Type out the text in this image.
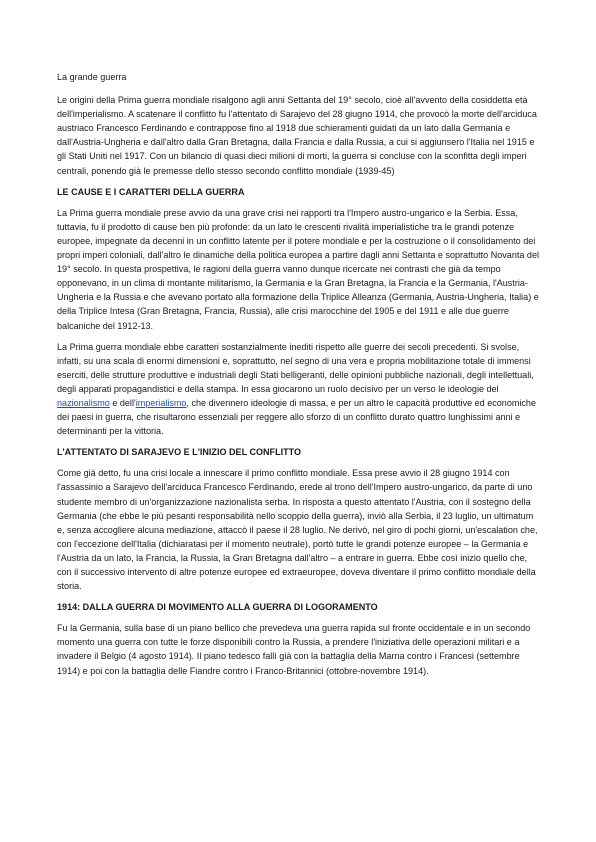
La grande guerra

Le origini della Prima guerra mondiale risalgono agli anni Settanta del 19° secolo, cioè all'avvento della cosiddetta età dell'imperialismo. A scatenare il conflitto fu l'attentato di Sarajevo del 28 giugno 1914, che provocò la morte dell'arciduca austriaco Francesco Ferdinando e contrappose fino al 1918 due schieramenti guidati da un lato dalla Germania e dall'Austria-Ungheria e dall'altro dalla Gran Bretagna, dalla Francia e dalla Russia, a cui si aggiunsero l'Italia nel 1915 e gli Stati Uniti nel 1917. Con un bilancio di quasi dieci milioni di morti, la guerra si concluse con la sconfitta degli imperi centrali, ponendo già le premesse dello stesso secondo conflitto mondiale (1939-45)

LE CAUSE E I CARATTERI DELLA GUERRA

La Prima guerra mondiale prese avvio da una grave crisi nei rapporti tra l'Impero austro-ungarico e la Serbia. Essa, tuttavia, fu il prodotto di cause ben più profonde: da un lato le crescenti rivalità imperialistiche tra le grandi potenze europee, impegnate da decenni in un conflitto latente per il potere mondiale e per la costruzione o il consolidamento dei propri imperi coloniali, dall'altro le dinamiche della politica europea a partire dagli anni Settanta e soprattutto Novanta del 19° secolo. In questa prospettiva, le ragioni della guerra vanno dunque ricercate nei contrasti che già da tempo opponevano, in un clima di montante militarismo, la Germania e la Gran Bretagna, la Francia e la Germania, l'Austria-Ungheria e la Russia e che avevano portato alla formazione della Triplice Alleanza (Germania, Austria-Ungheria, Italia) e della Triplice Intesa (Gran Bretagna, Francia, Russia), alle crisi marocchine del 1905 e del 1911 e alle due guerre balcaniche del 1912-13.

La Prima guerra mondiale ebbe caratteri sostanzialmente inediti rispetto alle guerre dei secoli precedenti. Si svolse, infatti, su una scala di enormi dimensioni e, soprattutto, nel segno di una vera e propria mobilitazione totale di immensi eserciti, delle strutture produttive e industriali degli Stati belligeranti, delle opinioni pubbliche nazionali, degli intellettuali, degli apparati propagandistici e della stampa. In essa giocarono un ruolo decisivo per un verso le ideologie del nazionalismo e dell'imperialismo, che divennero ideologie di massa, e per un altro le capacità produttive ed economiche dei paesi in guerra, che risultarono essenziali per reggere allo sforzo di un conflitto durato quattro lunghissimi anni e determinanti per la vittoria.

L'ATTENTATO DI SARAJEVO E L'INIZIO DEL CONFLITTO

Come già detto, fu una crisi locale a innescare il primo conflitto mondiale. Essa prese avvio il 28 giugno 1914 con l'assassinio a Sarajevo dell'arciduca Francesco Ferdinando, erede al trono dell'Impero austro-ungarico, da parte di uno studente membro di un'organizzazione nazionalista serba. In risposta a questo attentato l'Austria, con il sostegno della Germania (che ebbe le più pesanti responsabilità nello scoppio della guerra), inviò alla Serbia, il 23 luglio, un ultimatum e, senza accogliere alcuna mediazione, attaccò il paese il 28 luglio. Ne derivò, nel giro di pochi giorni, un'escalation che, con l'eccezione dell'Italia (dichiaratasi per il momento neutrale), portò tutte le grandi potenze europee – la Germania e l'Austria da un lato, la Francia, la Russia, la Gran Bretagna dall'altro – a entrare in guerra. Ebbe così inizio quello che, con il successivo intervento di altre potenze europee ed extraeuropee, doveva diventare il primo conflitto mondiale della storia.

1914: DALLA GUERRA DI MOVIMENTO ALLA GUERRA DI LOGORAMENTO

Fu la Germania, sulla base di un piano bellico che prevedeva una guerra rapida sul fronte occidentale e in un secondo momento una guerra con tutte le forze disponibili contro la Russia, a prendere l'iniziativa delle operazioni militari e a invadere il Belgio (4 agosto 1914). Il piano tedesco fallì già con la battaglia della Marna contro i Francesi (settembre 1914) e poi con la battaglia delle Fiandre contro i Franco-Britannici (ottobre-novembre 1914).
